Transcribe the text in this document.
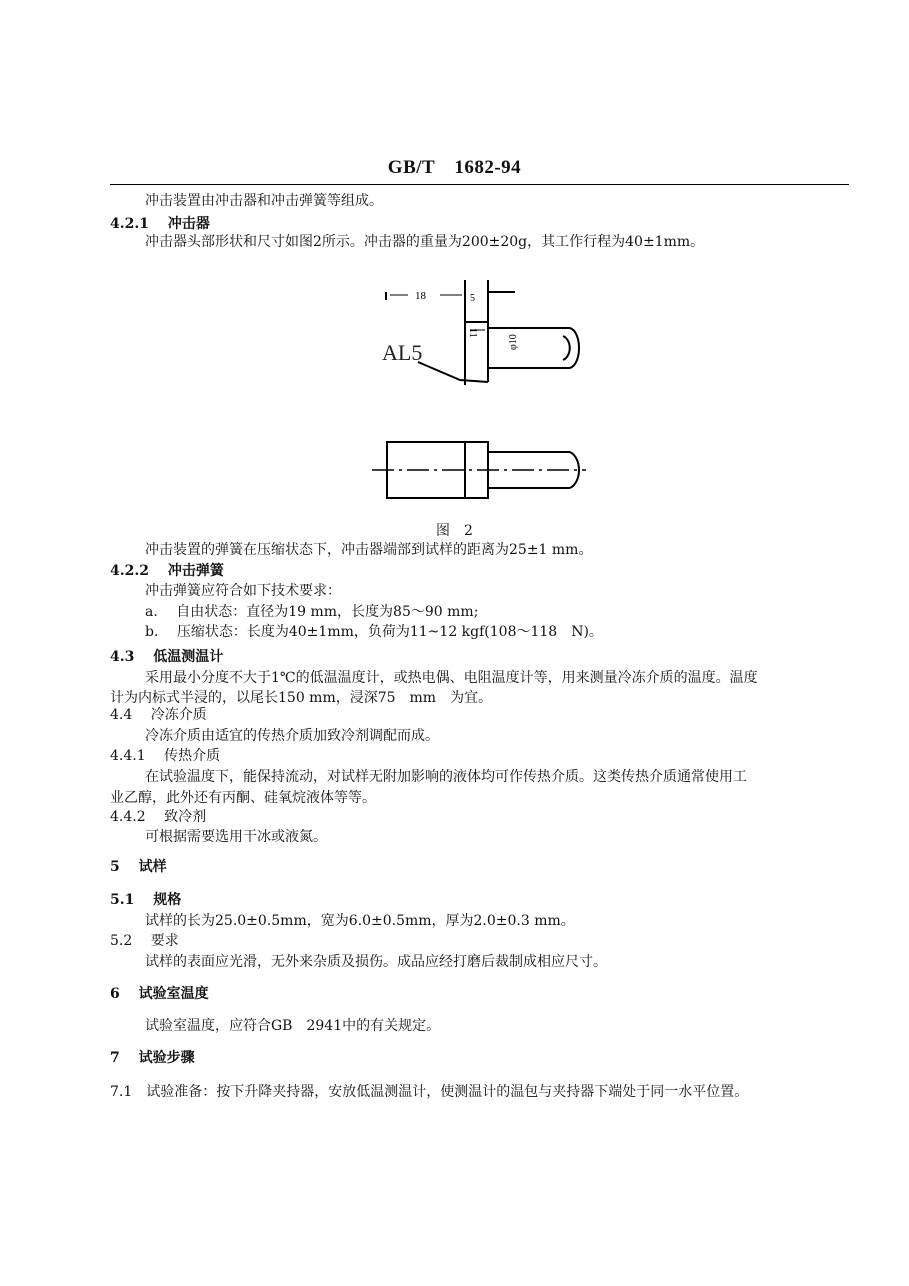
GB/T　1682-94
冲击装置由冲击器和冲击弹簧等组成。
4.2.1　 冲击器
冲击器头部形状和尺寸如图2所示。冲击器的重量为200±20g，其工作行程为40±1mm。
18	5
11
φ10
AL5
图　2
冲击装置的弹簧在压缩状态下，冲击器端部到试样的距离为25±1 mm。
4.2.2　 冲击弹簧
冲击弹簧应符合如下技术要求：
a.　 自由状态：直径为19 mm，长度为85～90 mm;
b.　 压缩状态：长度为40±1mm，负荷为11~12 kgf(108～118　N)。
4.3　 低温测温计
采用最小分度不大于1℃的低温温度计，或热电偶、电阻温度计等，用来测量冷冻介质的温度。温度
计为内标式半浸的，以尾长150 mm，浸深75　mm　为宜。
4.4　 冷冻介质
冷冻介质由适宜的传热介质加致冷剂调配而成。
4.4.1　 传热介质
在试验温度下，能保持流动，对试样无附加影响的液体均可作传热介质。这类传热介质通常使用工
业乙醇，此外还有丙酮、硅氧烷液体等等。
4.4.2　 致冷剂
可根据需要选用干冰或液氮。
5　 试样
5.1　 规格
试样的长为25.0±0.5mm，宽为6.0±0.5mm，厚为2.0±0.3 mm。
5.2　 要求
试样的表面应光滑，无外来杂质及损伤。成品应经打磨后裁制成相应尺寸。
6　 试验室温度
试验室温度，应符合GB　2941中的有关规定。
7　 试验步骤
7.1　试验准备：按下升降夹持器，安放低温测温计，使测温计的温包与夹持器下端处于同一水平位置。
